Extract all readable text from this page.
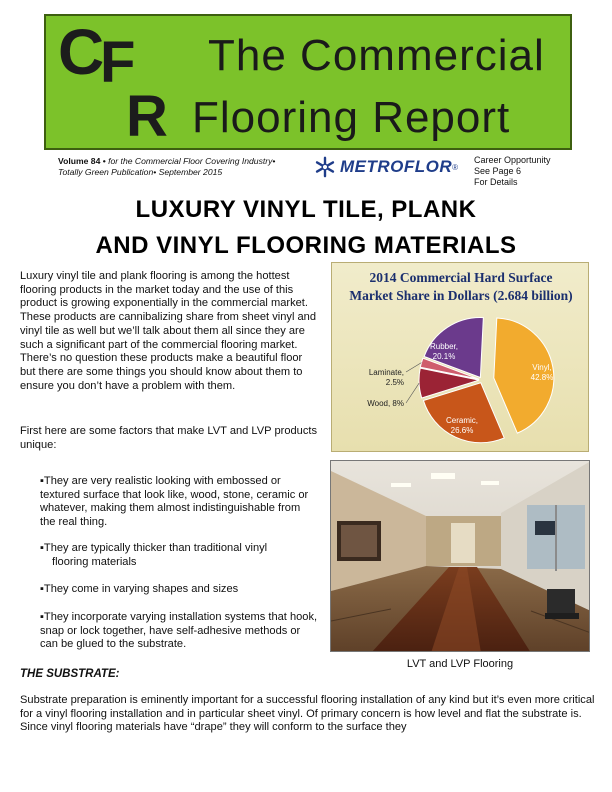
C
F
R
The Commercial
Flooring Report
Volume 84 • for the Commercial Floor Covering Industry•
Totally Green Publication• September 2015	METROFLOR ®
Career Opportunity
See Page 6
For Details
LUXURY VINYL TILE, PLANK
AND VINYL FLOORING MATERIALS
Luxury vinyl tile and plank flooring is among the hottest flooring products in the market today and the use of this product is growing exponentially in the commercial market. These products are cannibalizing share from sheet vinyl and vinyl tile as well but we’ll talk about them all since they are such a significant part of the commercial flooring market. There’s no question these products make a beautiful floor but there are some things you should know about them to ensure you don’t have a problem with them.
First here are some factors that make LVT and LVP products unique:
▪They are very realistic looking with embossed or textured surface that look like, wood, stone, ceramic or whatever, making them almost indistinguishable from the real thing.
▪They are typically thicker than traditional vinyl
flooring materials
▪They come in varying shapes and sizes
▪They incorporate varying installation systems that hook, snap or lock together, have self-adhesive methods or can be glued to the substrate.
THE SUBSTRATE:
Substrate preparation is eminently important for a successful flooring installation of any kind but it’s even more critical for a vinyl flooring installation and in particular sheet vinyl. Of primary concern is how level and flat the substrate is. Since vinyl flooring materials have “drape” they will conform to the surface they
2014 Commercial Hard Surface
Market Share in Dollars (2.684 billion)
Vinyl,
42.8%
Ceramic,
26.6%
Wood, 8%
Laminate,
2.5%
Rubber,
20.1%
LVT and LVP Flooring
